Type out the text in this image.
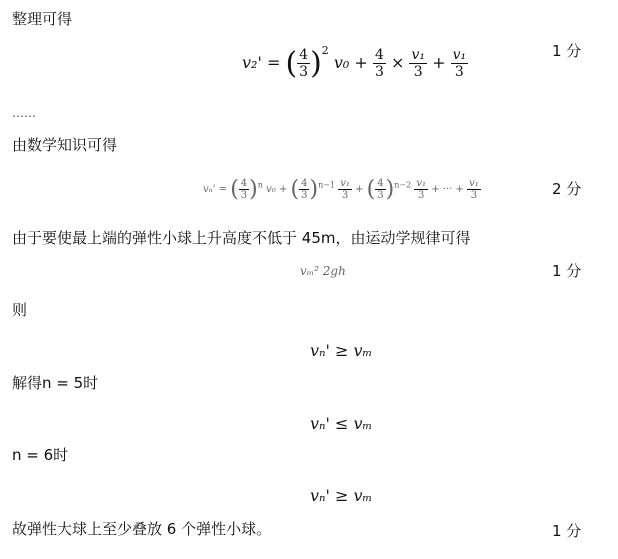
整理可得
……
由数学知识可得
由于要使最上端的弹性小球上升高度不低于 45m，由运动学规律可得
则
解得n = 5时
n = 6时
故弹性大球上至少叠放 6 个弹性小球。
1 分
2 分
1 分
1 分
v₂' = ( $\frac{4}{3} )^2$ $v_0 + \frac{4}{3} \times \frac{\text{v₁}}{3} + \frac{\text{v₁}}{3}$
vₙ' = ( $\frac{4}{3} )^n$ v₀ + ( $\frac{4}{3} )^{n-1} \frac{\text{v₁}}{3}$ + ( $\frac{4}{3} )^{n-2} \frac{\text{v₁}}{3}$ + ··· + $\frac{\text{v₁}}{3}$
vₘ² 2gh
vₙ' ≥ vₘ
vₙ' ≤ vₘ
vₙ' ≥ vₘ
